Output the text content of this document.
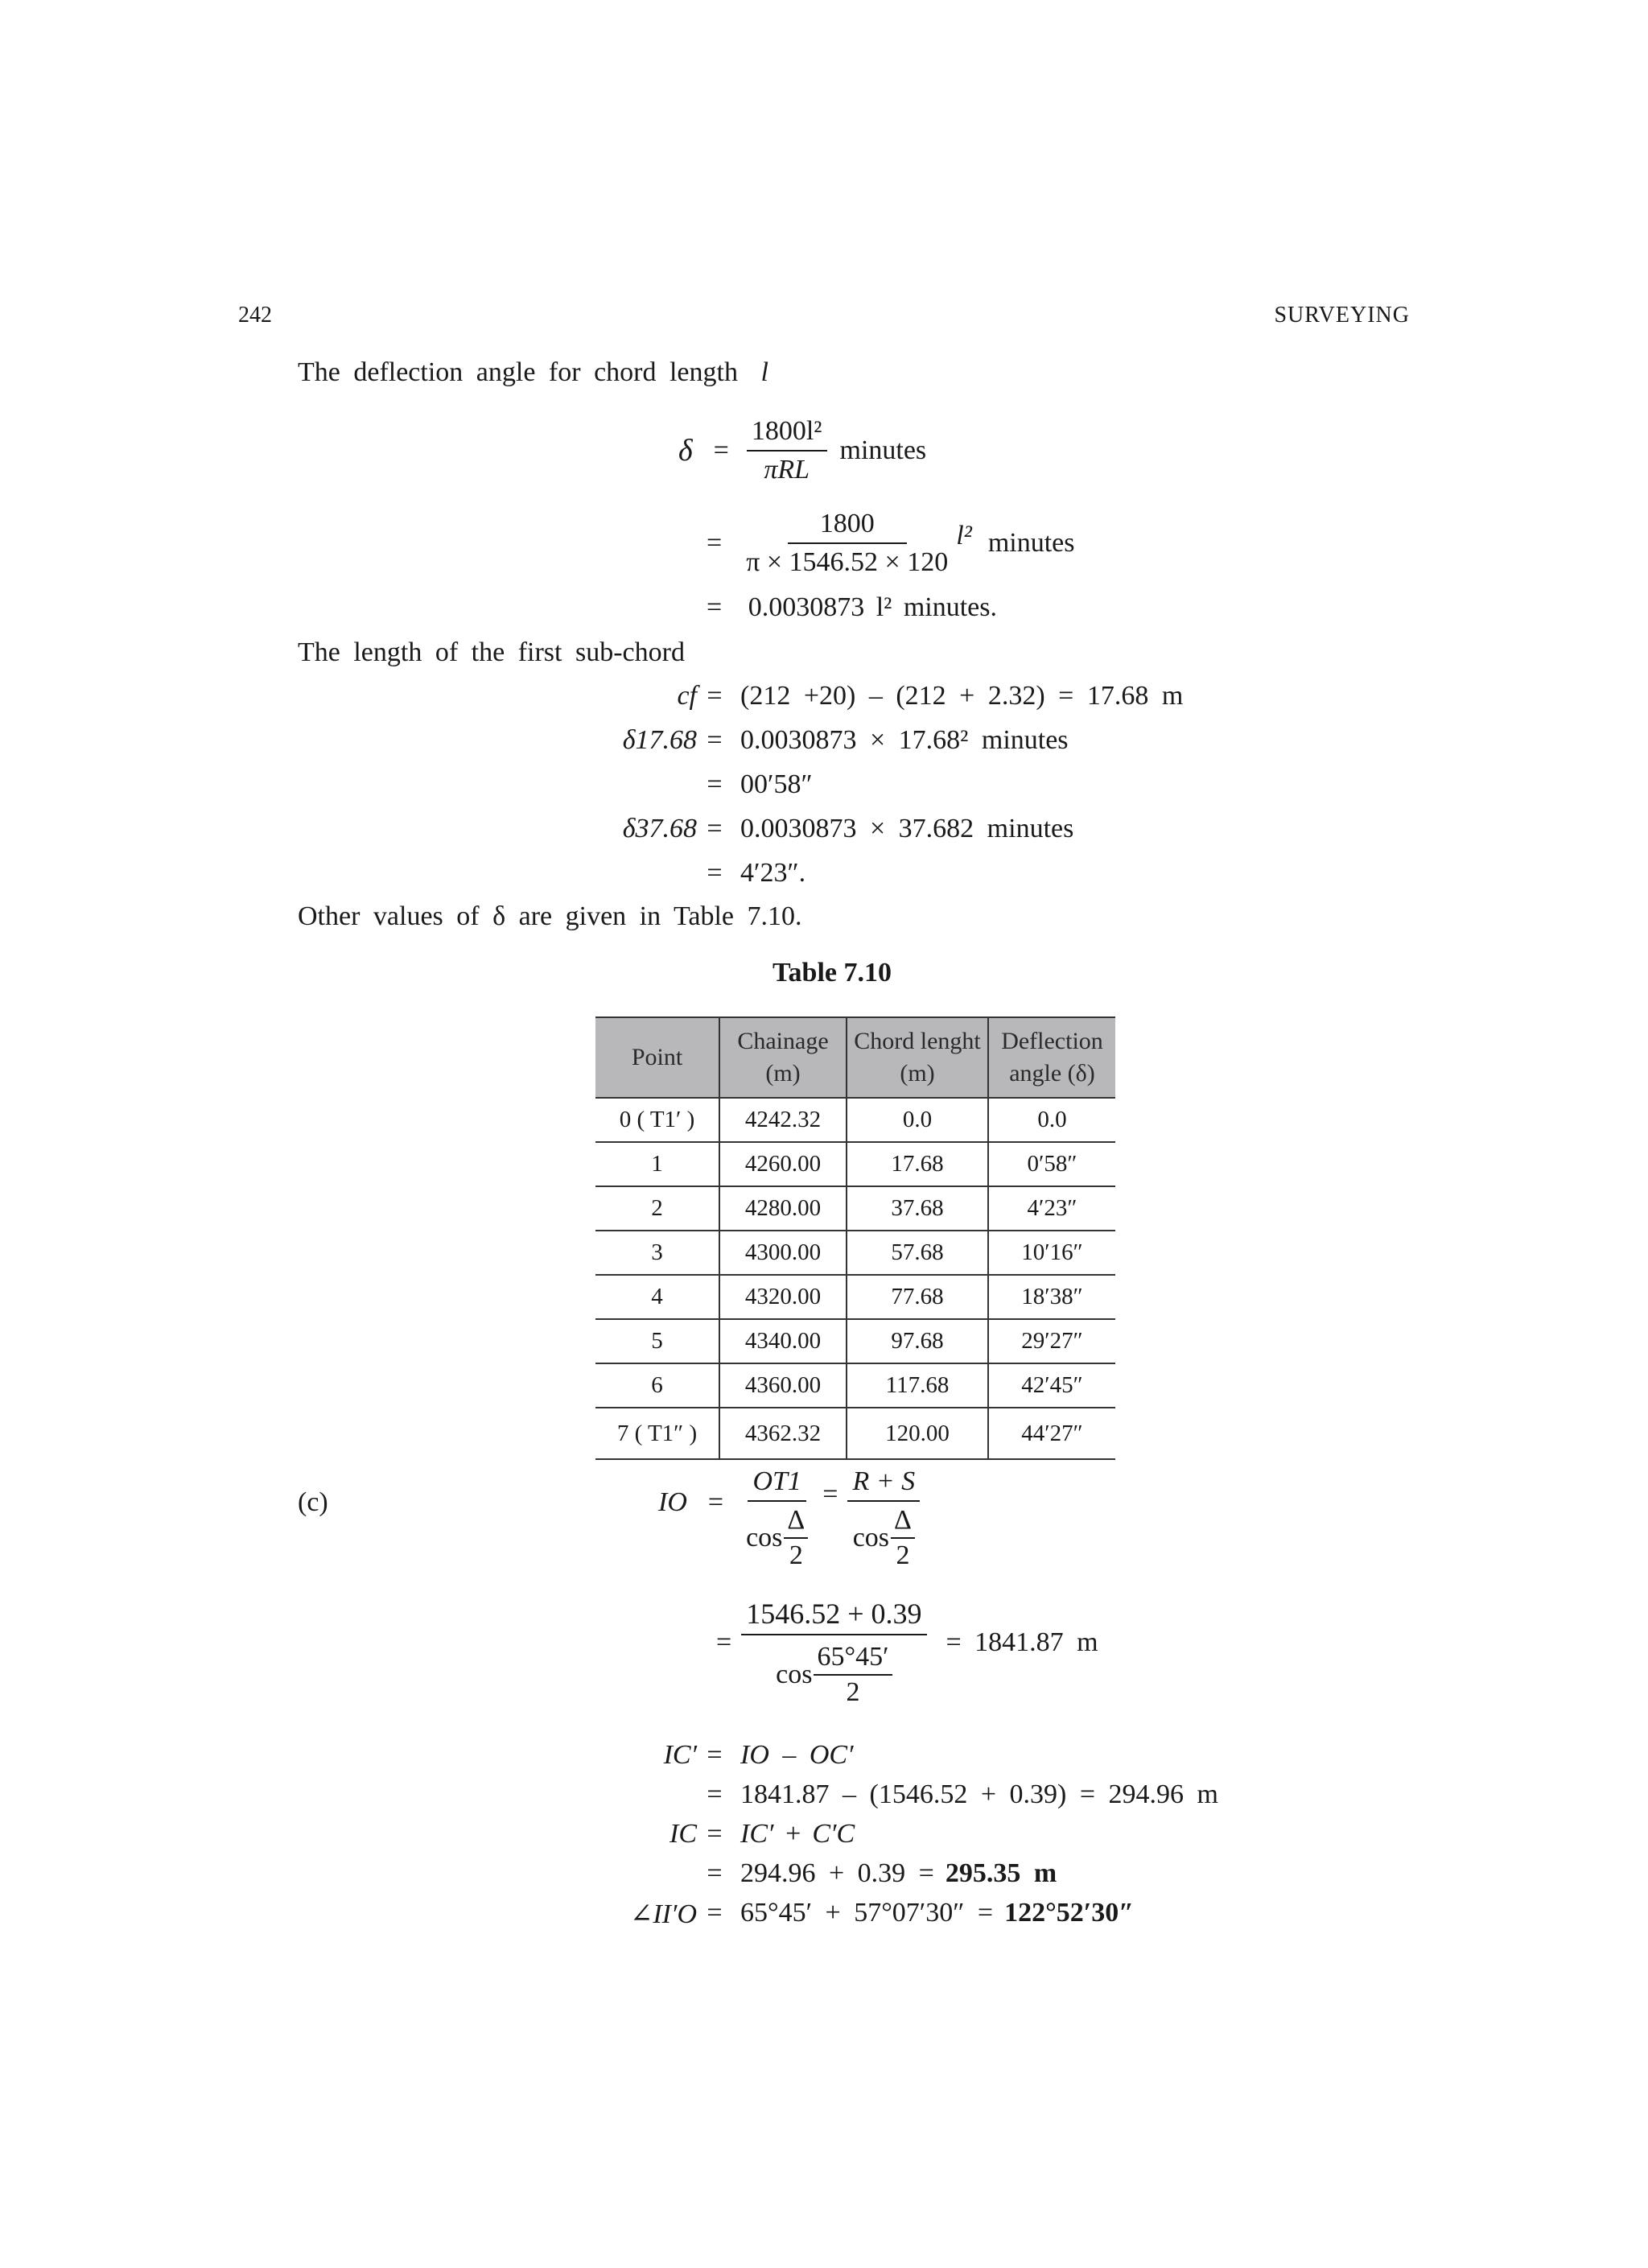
242	SURVEYING
The deflection angle for chord length l
$\delta = \frac{\text{1800l²}}{\text{πRL}}$ minutes
= $\frac{1800}{\pi \times 1546.52 \times 120} l^2$ minutes
= 0.0030873 l² minutes.
The length of the first sub-chord
cf = (212 +20) – (212 + 2.32) = 17.68 m
δ17.68 = 0.0030873 × 17.68² minutes
= 00′58″
δ37.68 = 0.0030873 × 37.682 minutes
= 4′23″.
Other values of δ are given in Table 7.10.
Table 7.10
Point	Chainage (m)	Chord lenght (m)	Deflection angle (δ)
0 ( T1′ )	4242.32	0.0	0.0
1	4260.00	17.68	0′58″
2	4280.00	37.68	4′23″
3	4300.00	57.68	10′16″
4	4320.00	77.68	18′38″
5	4340.00	97.68	29′27″
6	4360.00	117.68	42′45″
7 ( T1″ )	4362.32	120.00	44′27″
(c)	IO = $\frac{OT1}{\cos \frac{\Delta}{2}} = \frac{R + S}{\cos \frac{\Delta}{2}}$
= $\frac{1546.52 + 0.39}{\cos \frac{65^\circ 45'}{2}} = 1841.87$ m
IC′ = IO – OC′
= 1841.87 – (1546.52 + 0.39) = 294.96 m
IC = IC′ + C′C
= 294.96 + 0.39 = 295.35 m
∠II′O = 65°45′ + 57°07′30″ = 122°52′30″
